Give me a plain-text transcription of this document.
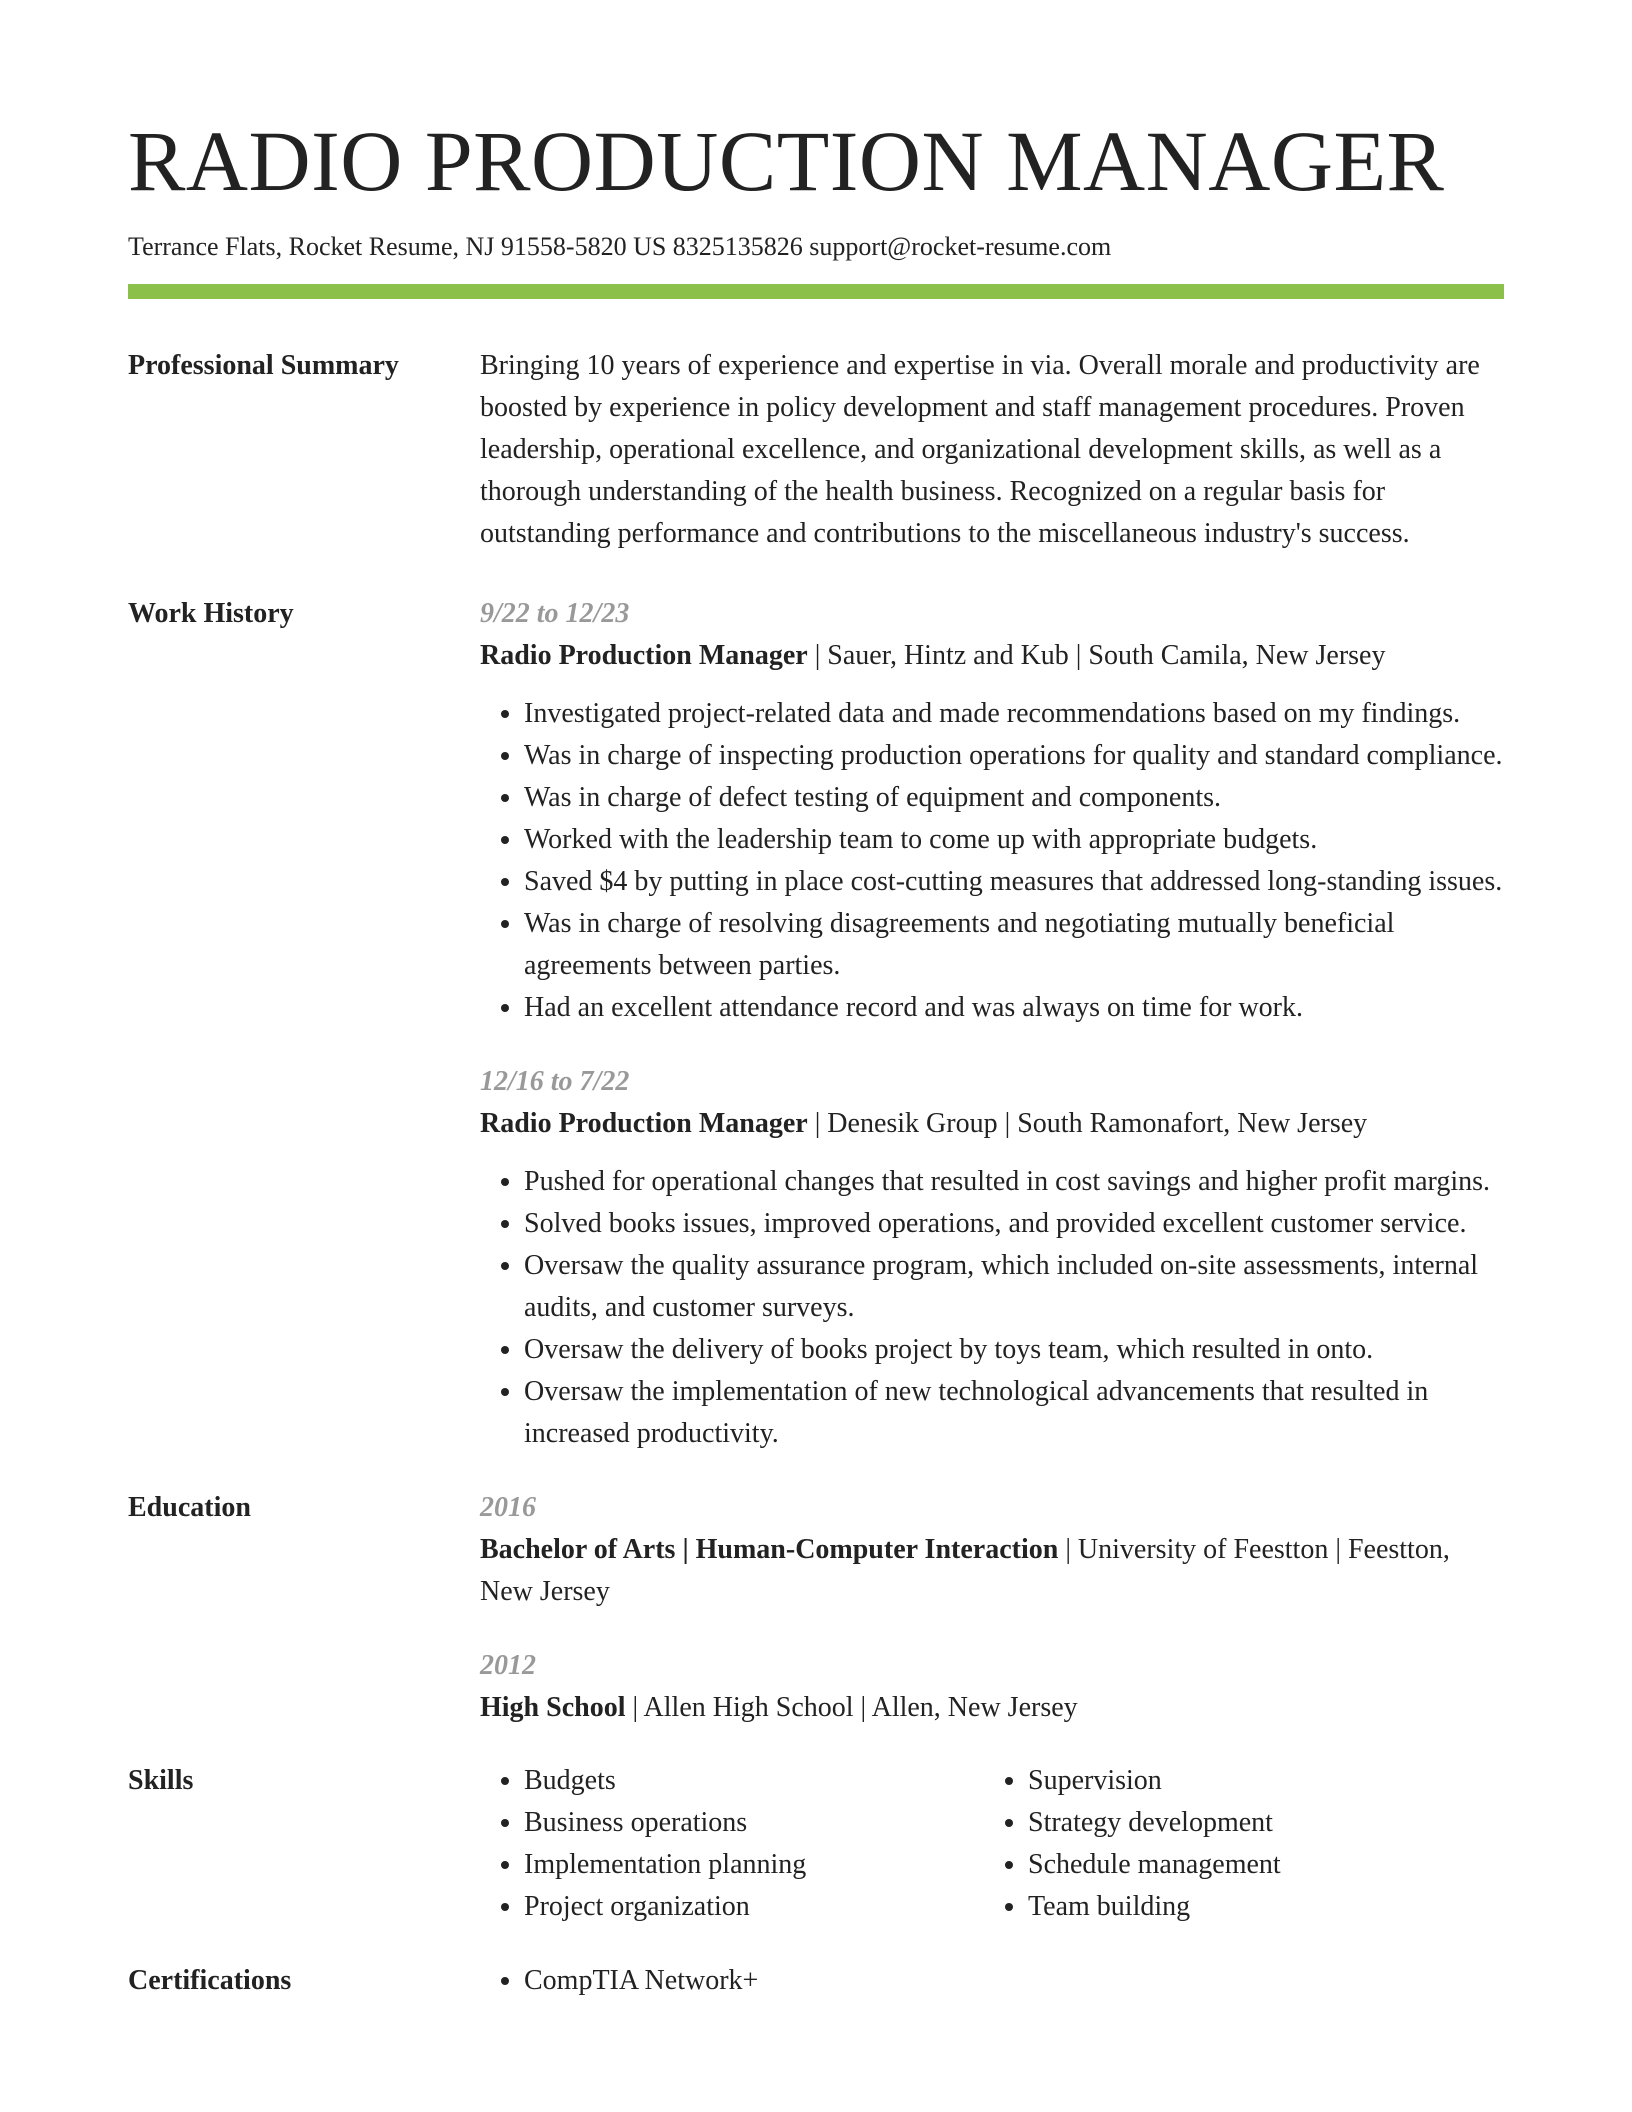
RADIO PRODUCTION MANAGER
Terrance Flats, Rocket Resume, NJ 91558-5820 US 8325135826 support@rocket-resume.com
Professional Summary	Bringing 10 years of experience and expertise in via. Overall morale and productivity are boosted by experience in policy development and staff management procedures. Proven leadership, operational excellence, and organizational development skills, as well as a thorough understanding of the health business. Recognized on a regular basis for outstanding performance and contributions to the miscellaneous industry's success.
Work History	9/22 to 12/23
Radio Production Manager | Sauer, Hintz and Kub | South Camila, New Jersey
• Investigated project-related data and made recommendations based on my findings.
• Was in charge of inspecting production operations for quality and standard compliance.
• Was in charge of defect testing of equipment and components.
• Worked with the leadership team to come up with appropriate budgets.
• Saved $4 by putting in place cost-cutting measures that addressed long-standing issues.
• Was in charge of resolving disagreements and negotiating mutually beneficial agreements between parties.
• Had an excellent attendance record and was always on time for work.
12/16 to 7/22
Radio Production Manager | Denesik Group | South Ramonafort, New Jersey
• Pushed for operational changes that resulted in cost savings and higher profit margins.
• Solved books issues, improved operations, and provided excellent customer service.
• Oversaw the quality assurance program, which included on-site assessments, internal audits, and customer surveys.
• Oversaw the delivery of books project by toys team, which resulted in onto.
• Oversaw the implementation of new technological advancements that resulted in increased productivity.
Education	2016
Bachelor of Arts | Human-Computer Interaction | University of Feestton | Feestton, New Jersey
2012
High School | Allen High School | Allen, New Jersey
Skills	• Budgets
• Business operations
• Implementation planning
• Project organization
• Supervision
• Strategy development
• Schedule management
• Team building
Certifications	• CompTIA Network+
